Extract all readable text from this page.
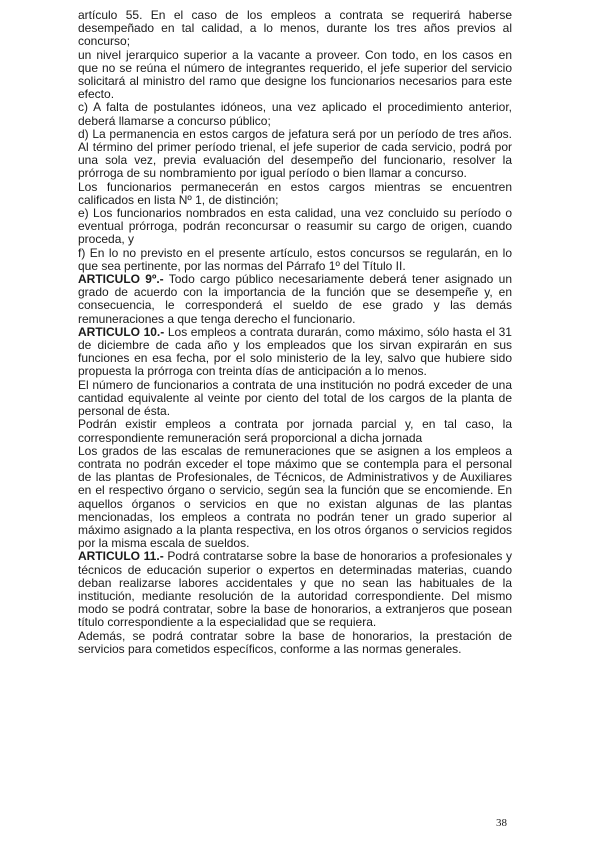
artículo 55. En el caso de los empleos a contrata se requerirá haberse desempeñado en tal calidad, a lo menos, durante los tres años previos al concurso;

un nivel jerarquico superior a la vacante a proveer. Con todo, en los casos en que no se reúna el número de integrantes requerido, el jefe superior del servicio solicitará al ministro del ramo que designe los funcionarios necesarios para este efecto.

c) A falta de postulantes idóneos, una vez aplicado el procedimiento anterior, deberá llamarse a concurso público;

d) La permanencia en estos cargos de jefatura será por un período de tres años. Al término del primer período trienal, el jefe superior de cada servicio, podrá por una sola vez, previa evaluación del desempeño del funcionario, resolver la prórroga de su nombramiento por igual período o bien llamar a concurso.

Los funcionarios permanecerán en estos cargos mientras se encuentren calificados en lista Nº 1, de distinción;

e) Los funcionarios nombrados en esta calidad, una vez concluido su período o eventual prórroga, podrán reconcursar o reasumir su cargo de origen, cuando proceda, y

f) En lo no previsto en el presente artículo, estos concursos se regularán, en lo que sea pertinente, por las normas del Párrafo 1º del Título II.

ARTICULO 9º.- Todo cargo público necesariamente deberá tener asignado un grado de acuerdo con la importancia de la función que se desempeñe y, en consecuencia, le corresponderá el sueldo de ese grado y las demás remuneraciones a que tenga derecho el funcionario.

ARTICULO 10.- Los empleos a contrata durarán, como máximo, sólo hasta el 31 de diciembre de cada año y los empleados que los sirvan expirarán en sus funciones en esa fecha, por el solo ministerio de la ley, salvo que hubiere sido propuesta la prórroga con treinta días de anticipación a lo menos.

El número de funcionarios a contrata de una institución no podrá exceder de una cantidad equivalente al veinte por ciento del total de los cargos de la planta de personal de ésta.

Podrán existir empleos a contrata por jornada parcial y, en tal caso, la correspondiente remuneración será proporcional a dicha jornada

Los grados de las escalas de remuneraciones que se asignen a los empleos a contrata no podrán exceder el tope máximo que se contempla para el personal de las plantas de Profesionales, de Técnicos, de Administrativos y de Auxiliares en el respectivo órgano o servicio, según sea la función que se encomiende. En aquellos órganos o servicios en que no existan algunas de las plantas mencionadas, los empleos a contrata no podrán tener un grado superior al máximo asignado a la planta respectiva, en los otros órganos o servicios regidos por la misma escala de sueldos.

ARTICULO 11.- Podrá contratarse sobre la base de honorarios a profesionales y técnicos de educación superior o expertos en determinadas materias, cuando deban realizarse labores accidentales y que no sean las habituales de la institución, mediante resolución de la autoridad correspondiente. Del mismo modo se podrá contratar, sobre la base de honorarios, a extranjeros que posean título correspondiente a la especialidad que se requiera.

Además, se podrá contratar sobre la base de honorarios, la prestación de servicios para cometidos específicos, conforme a las normas generales.

38
